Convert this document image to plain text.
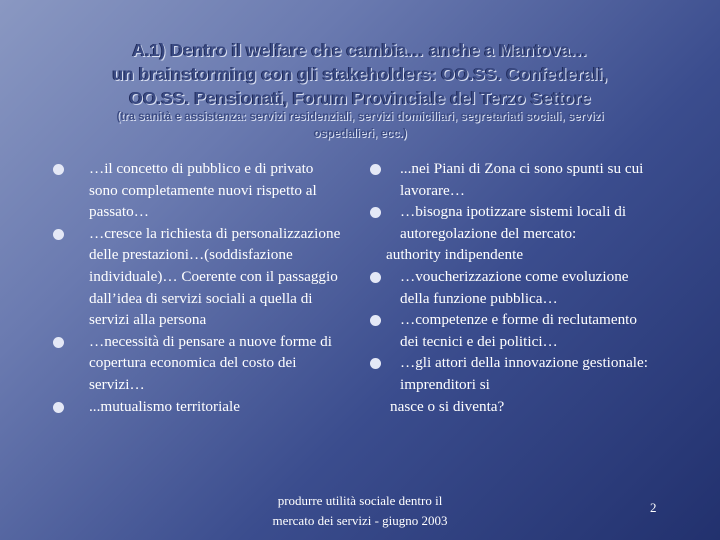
A.1) Dentro il welfare che cambia… anche a Mantova…
un brainstorming con gli stakeholders: OO.SS. Confederali,
OO.SS. Pensionati, Forum Provinciale del Terzo Settore
(tra sanità e assistenza: servizi residenziali, servizi domiciliari, segretariati sociali, servizi
ospedalieri, ecc.)
…il concetto di pubblico e di privato sono completamente nuovi rispetto al passato…
…cresce la richiesta di personalizzazione delle prestazioni…(soddisfazione individuale)… Coerente con il passaggio dall’idea di servizi sociali a quella di servizi alla persona
…necessità di pensare a nuove forme di copertura economica del costo dei servizi…
...mutualismo territoriale
...nei Piani di Zona ci sono spunti su cui lavorare…
…bisogna ipotizzare sistemi locali di autoregolazione del mercato:
authority indipendente
…voucherizzazione come evoluzione della funzione pubblica…
…competenze e forme di reclutamento dei tecnici e dei politici…
…gli attori della innovazione gestionale: imprenditori si
nasce o si diventa?
produrre utilità sociale dentro il
mercato dei servizi - giugno 2003
2
